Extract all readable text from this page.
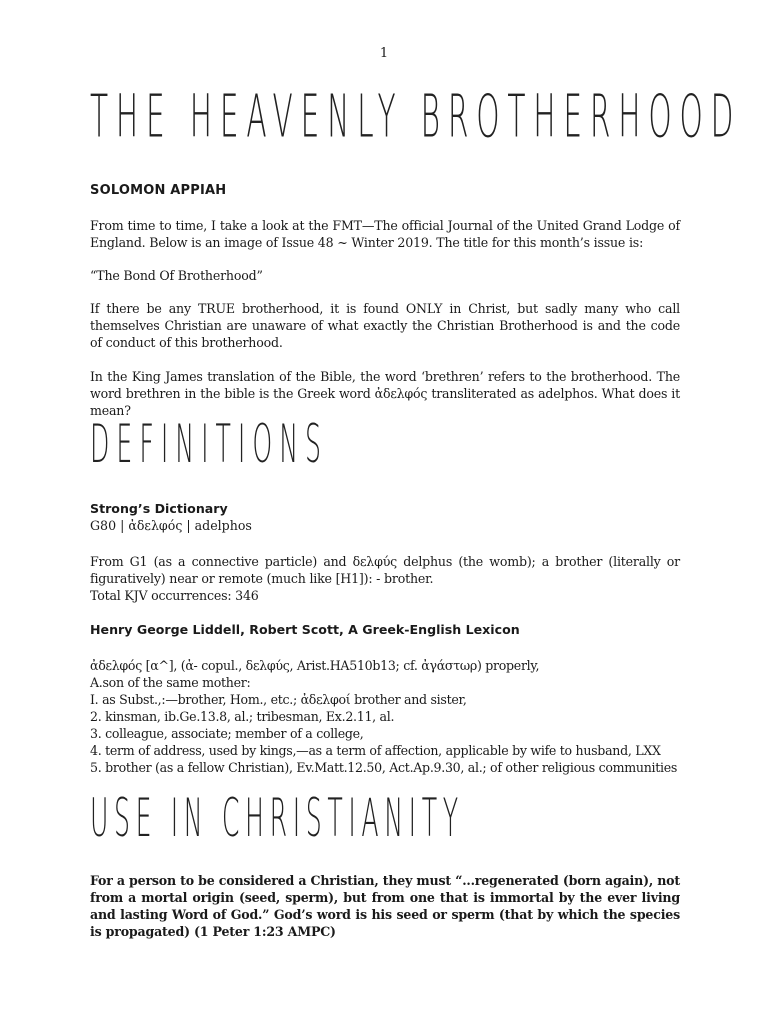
1
THE HEAVENLY BROTHERHOOD
SOLOMON APPIAH

From time to time, I take a look at the FMT—The official Journal of the United Grand Lodge of England. Below is an image of Issue 48 ~ Winter 2019. The title for this month’s issue is:

“The Bond Of Brotherhood”

If there be any TRUE brotherhood, it is found ONLY in Christ, but sadly many who call themselves Christian are unaware of what exactly the Christian Brotherhood is and the code of conduct of this brotherhood.

In the King James translation of the Bible, the word ‘brethren’ refers to the brotherhood. The word brethren in the bible is the Greek word ἀδελφός transliterated as adelphos. What does it mean?

DEFINITIONS
Strong’s Dictionary
G80 | ἀδελφός | adelphos
From G1 (as a connective particle) and δελφύς delphus (the womb); a brother (literally or figuratively) near or remote (much like [H1]): - brother.
Total KJV occurrences: 346
Henry George Liddell, Robert Scott, A Greek-English Lexicon
ἀδελφός [α^], (ἀ- copul., δελφύς, Arist.HA510b13; cf. ἀγάστωρ) properly,
A.son of the same mother:
I. as Subst.,:—brother, Hom., etc.; ἀδελφοί brother and sister,
2. kinsman, ib.Ge.13.8, al.; tribesman, Ex.2.11, al.
3. colleague, associate; member of a college,
4. term of address, used by kings,—as a term of affection, applicable by wife to husband, LXX
5. brother (as a fellow Christian), Ev.Matt.12.50, Act.Ap.9.30, al.; of other religious communities
USE IN CHRISTIANITY

For a person to be considered a Christian, they must “...regenerated (born again), not from a mortal origin (seed, sperm), but from one that is immortal by the ever living and lasting Word of God.” God’s word is his seed or sperm (that by which the species is propagated) (1 Peter 1:23 AMPC)
